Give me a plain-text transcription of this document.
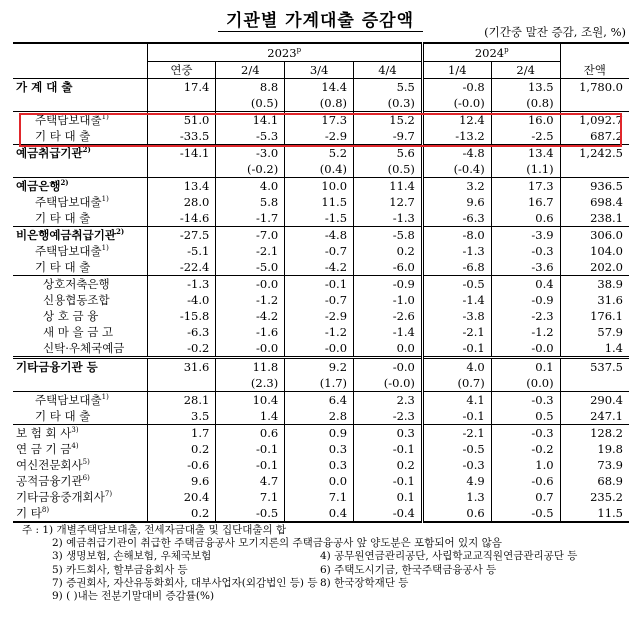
기관별 가계대출 증감액
(기간중 말잔 증감, 조원, %)
	2023$^p$				2024$^p$		잔액
	연중	2/4	3/4	4/4	1/4	2/4	
가 계 대 출	17.4	8.8	14.4	5.5	-0.8	13.5	1,780.0
		(0.5)	(0.8)	(0.3)	(-0.0)	(0.8)	
주택담보대출$^{1)}$	51.0	14.1	17.3	15.2	12.4	16.0	1,092.7
기 타 대 출	-33.5	-5.3	-2.9	-9.7	-13.2	-2.5	687.2
예금취급기관$^{2)}$	-14.1	-3.0	5.2	5.6	-4.8	13.4	1,242.5
		(-0.2)	(0.4)	(0.5)	(-0.4)	(1.1)	
예금은행$^{2)}$	13.4	4.0	10.0	11.4	3.2	17.3	936.5
주택담보대출$^{1)}$	28.0	5.8	11.5	12.7	9.6	16.7	698.4
기 타 대 출	-14.6	-1.7	-1.5	-1.3	-6.3	0.6	238.1
비은행예금취급기관$^{2)}$	-27.5	-7.0	-4.8	-5.8	-8.0	-3.9	306.0
주택담보대출$^{1)}$	-5.1	-2.1	-0.7	0.2	-1.3	-0.3	104.0
기 타 대 출	-22.4	-5.0	-4.2	-6.0	-6.8	-3.6	202.0
상호저축은행	-1.3	-0.0	-0.1	-0.9	-0.5	0.4	38.9
신용협동조합	-4.0	-1.2	-0.7	-1.0	-1.4	-0.9	31.6
상 호 금 융	-15.8	-4.2	-2.9	-2.6	-3.8	-2.3	176.1
새 마 을 금 고	-6.3	-1.6	-1.2	-1.4	-2.1	-1.2	57.9
신탁·우체국예금	-0.2	-0.0	-0.0	0.0	-0.1	-0.0	1.4
기타금융기관 등	31.6	11.8	9.2	-0.0	4.0	0.1	537.5
		(2.3)	(1.7)	(-0.0)	(0.7)	(0.0)	
주택담보대출$^{1)}$	28.1	10.4	6.4	2.3	4.1	-0.3	290.4
기 타 대 출	3.5	1.4	2.8	-2.3	-0.1	0.5	247.1
보 험 회 사$^{3)}$	1.7	0.6	0.9	0.3	-2.1	-0.3	128.2
연 금 기 금$^{4)}$	0.2	-0.1	0.3	-0.1	-0.5	-0.2	19.8
여신전문회사$^{5)}$	-0.6	-0.1	0.3	0.2	-0.3	1.0	73.9
공적금융기관$^{6)}$	9.6	4.7	0.0	-0.1	4.9	-0.6	68.9
기타금융중개회사$^{7)}$	20.4	7.1	7.1	0.1	1.3	0.7	235.2
기 타$^{8)}$	0.2	-0.5	0.4	-0.4	0.6	-0.5	11.5
주 : 1) 개별주택담보대출, 전세자금대출 및 집단대출의 합
2) 예금취급기관이 취급한 주택금융공사 모기지론의 주택금융공사 앞 양도분은 포함되어 있지 않음
3) 생명보험, 손해보험, 우체국보험	4) 공무원연금관리공단, 사립학교교직원연금관리공단 등
5) 카드회사, 할부금융회사 등	6) 주택도시기금, 한국주택금융공사 등
7) 증권회사, 자산유동화회사, 대부사업자(외감법인 등) 등 8) 한국장학재단 등
9) ( )내는 전분기말대비 증감률(%)
